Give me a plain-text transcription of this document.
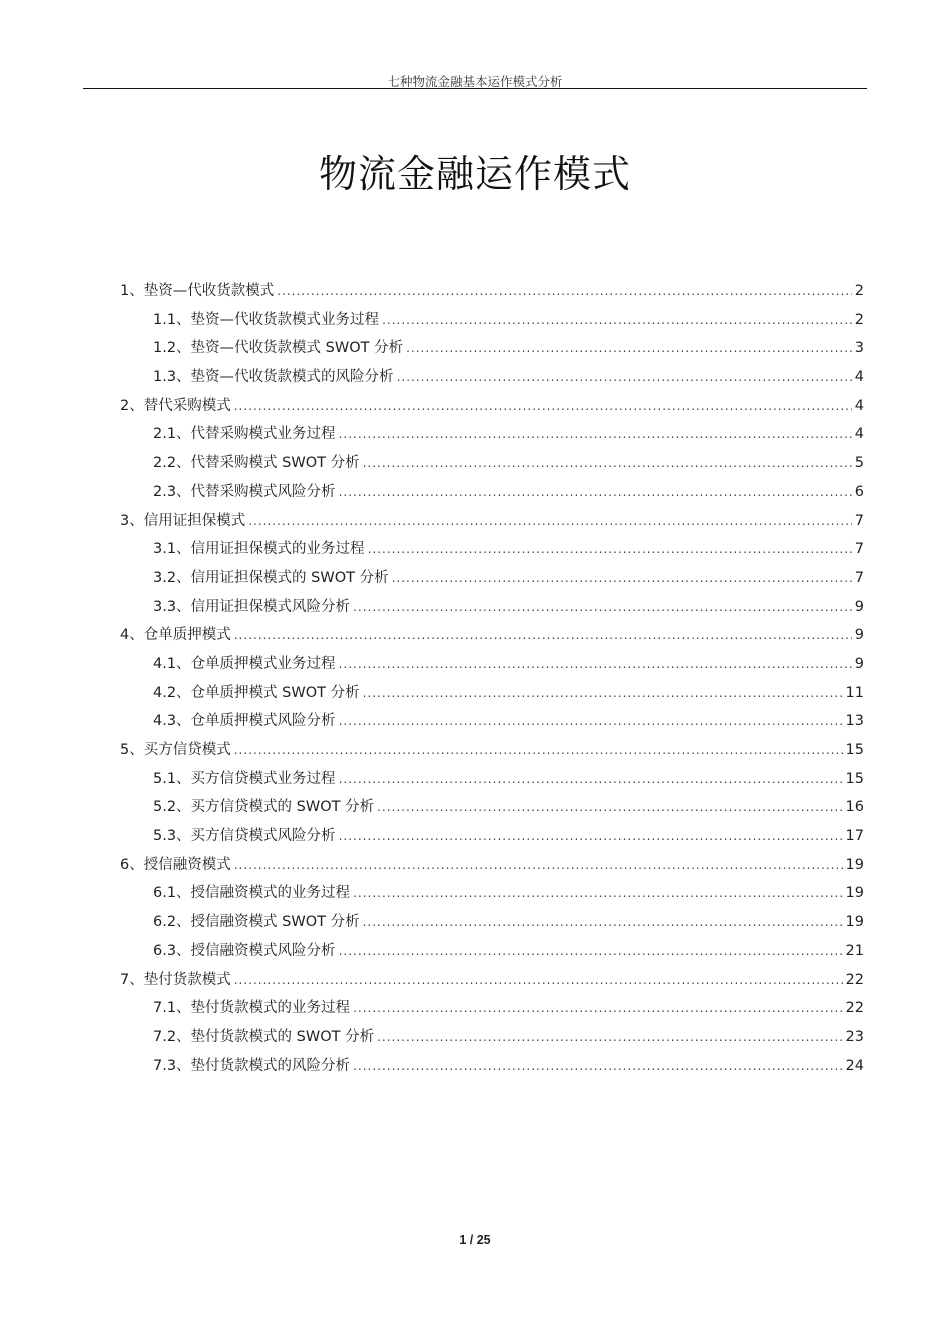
七种物流金融基本运作模式分析
物流金融运作模式
1、垫资—代收货款模式 .....	2
1.1、垫资—代收货款模式业务过程 .....	2
1.2、垫资—代收货款模式 SWOT 分析 .....	3
1.3、垫资—代收货款模式的风险分析 .....	4
2、替代采购模式 .....	4
2.1、代替采购模式业务过程 .....	4
2.2、代替采购模式 SWOT 分析 .....	5
2.3、代替采购模式风险分析 .....	6
3、信用证担保模式 .....	7
3.1、信用证担保模式的业务过程 .....	7
3.2、信用证担保模式的 SWOT 分析 .....	7
3.3、信用证担保模式风险分析 .....	9
4、仓单质押模式 .....	9
4.1、仓单质押模式业务过程 .....	9
4.2、仓单质押模式 SWOT 分析 .....	11
4.3、仓单质押模式风险分析 .....	13
5、买方信贷模式 .....	15
5.1、买方信贷模式业务过程 .....	15
5.2、买方信贷模式的 SWOT 分析 .....	16
5.3、买方信贷模式风险分析 .....	17
6、授信融资模式 .....	19
6.1、授信融资模式的业务过程 .....	19
6.2、授信融资模式 SWOT 分析 .....	19
6.3、授信融资模式风险分析 .....	21
7、垫付货款模式 .....	22
7.1、垫付货款模式的业务过程 .....	22
7.2、垫付货款模式的 SWOT 分析 .....	23
7.3、垫付货款模式的风险分析 .....	24
1 / 25
